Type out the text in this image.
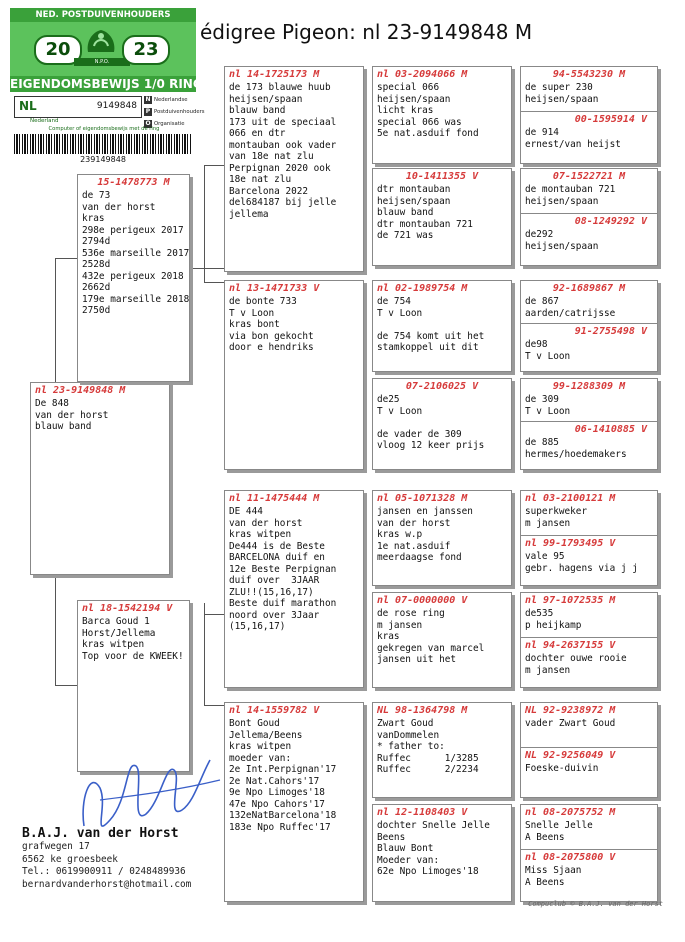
NED. POSTDUIVENHOUDERS
20
N.P.O.
23
EIGENDOMSBEWIJS 1/0 RING
NL	9149848
N Nederlandse
P Postduivenhouders
O Organisatie
Nederland
Computer of eigendomsbewijs met de ring
239149848
édigree Pigeon: nl 23-9149848 M
nl 23-9149848 M
De 848
van der horst
blauw band
15-1478773 M
de 73
van der horst
kras
298e perigeux 2017
2794d
536e marseille 2017
2528d
432e perigeux 2018
2662d
179e marseille 2018
2750d
nl 18-1542194 V
Barca Goud 1
Horst/Jellema
kras witpen
Top voor de KWEEK!
nl 14-1725173 M
de 173 blauwe huub
heijsen/spaan
blauw band
173 uit de speciaal
066 en dtr
montauban ook vader
van 18e nat zlu
Perpignan 2020 ook
18e nat zlu
Barcelona 2022
del684187 bij jelle
jellema
nl 13-1471733 V
de bonte 733
T v Loon
kras bont
via bon gekocht
door e hendriks
nl 11-1475444 M
DE 444
van der horst
kras witpen
De444 is de Beste
BARCELONA duif en
12e Beste Perpignan
duif over  3JAAR
ZLU!!(15,16,17)
Beste duif marathon
noord over 3Jaar
(15,16,17)
nl 14-1559782 V
Bont Goud
Jellema/Beens
kras witpen
moeder van:
2e Int.Perpignan'17
2e Nat.Cahors'17
9e Npo Limoges'18
47e Npo Cahors'17
132eNatBarcelona'18
183e Npo Ruffec'17
nl 03-2094066 M
special 066
heijsen/spaan
licht kras
special 066 was
5e nat.asduif fond
10-1411355 V
dtr montauban
heijsen/spaan
blauw band
dtr montauban 721
de 721 was
nl 02-1989754 M
de 754
T v Loon

de 754 komt uit het
stamkoppel uit dit
07-2106025 V
de25
T v Loon

de vader de 309
vloog 12 keer prijs
nl 05-1071328 M
jansen en janssen
van der horst
kras w.p
1e nat.asduif
meerdaagse fond
nl 07-0000000 V
de rose ring
m jansen
kras
gekregen van marcel
jansen uit het
NL 98-1364798 M
Zwart Goud
vanDommelen
* father to:
Ruffec      1/3285
Ruffec      2/2234
nl 12-1108403 V
dochter Snelle Jelle
Beens
Blauw Bont
Moeder van:
62e Npo Limoges'18
94-5543230 M
de super 230
heijsen/spaan
00-1595914 V
de 914
ernest/van heijst
07-1522721 M
de montauban 721
heijsen/spaan
08-1249292 V
de292
heijsen/spaan
92-1689867 M
de 867
aarden/catrijsse
91-2755498 V
de98
T v Loon
99-1288309 M
de 309
T v Loon
06-1410885 V
de 885
hermes/hoedemakers
nl 03-2100121 M
superkweker
m jansen
nl 99-1793495 V
vale 95
gebr. hagens via j j
nl 97-1072535 M
de535
p heijkamp
nl 94-2637155 V
dochter ouwe rooie
m jansen
NL 92-9238972 M
vader Zwart Goud
NL 92-9256049 V
Foeske-duivin
nl 08-2075752 M
Snelle Jelle
A Beens
nl 08-2075800 V
Miss Sjaan
A Beens
B.A.J. van der Horst
grafwegen 17
6562 ke groesbeek
Tel.: 0619900911 / 0248489936
bernardvanderhorst@hotmail.com
Compuclub © B.A.J. van der Horst
